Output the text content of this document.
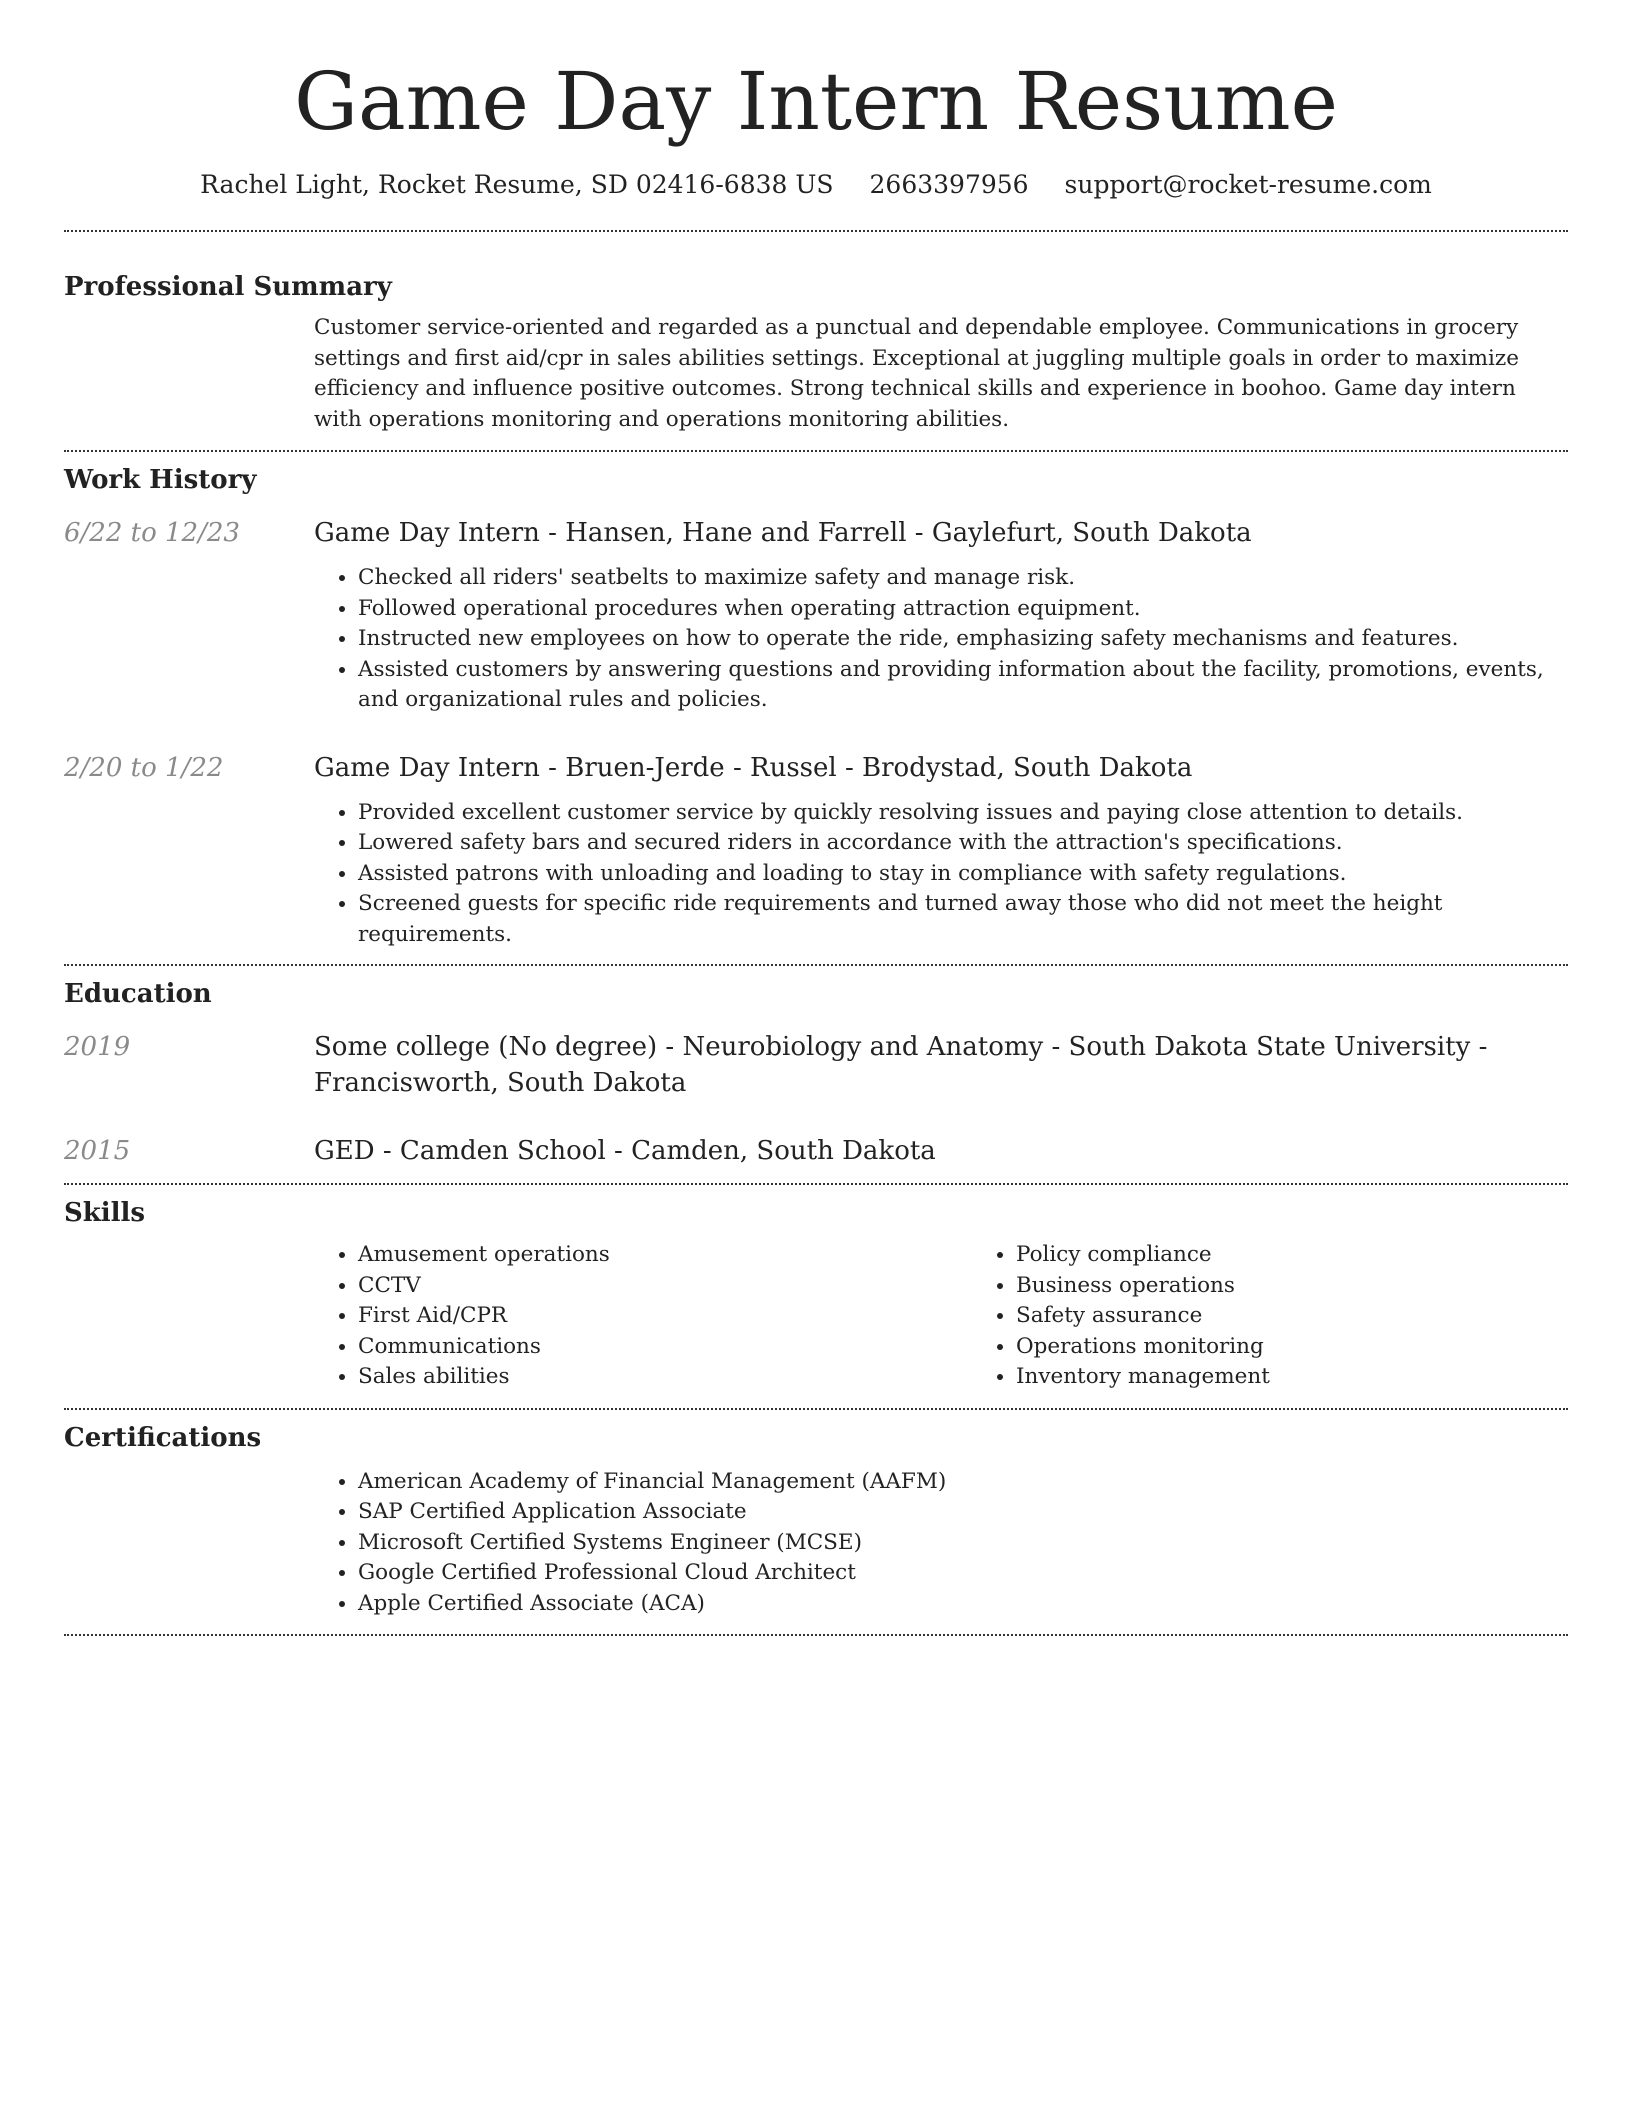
Game Day Intern Resume
Rachel Light, Rocket Resume, SD 02416-6838 US 2663397956 support@rocket-resume.com
Professional Summary
Customer service-oriented and regarded as a punctual and dependable employee. Communications in grocery settings and first aid/cpr in sales abilities settings. Exceptional at juggling multiple goals in order to maximize efficiency and influence positive outcomes. Strong technical skills and experience in boohoo. Game day intern with operations monitoring and operations monitoring abilities.
Work History
6/22 to 12/23	Game Day Intern - Hansen, Hane and Farrell - Gaylefurt, South Dakota
• Checked all riders' seatbelts to maximize safety and manage risk.
• Followed operational procedures when operating attraction equipment.
• Instructed new employees on how to operate the ride, emphasizing safety mechanisms and features.
• Assisted customers by answering questions and providing information about the facility, promotions, events, and organizational rules and policies.
2/20 to 1/22	Game Day Intern - Bruen-Jerde - Russel - Brodystad, South Dakota
• Provided excellent customer service by quickly resolving issues and paying close attention to details.
• Lowered safety bars and secured riders in accordance with the attraction's specifications.
• Assisted patrons with unloading and loading to stay in compliance with safety regulations.
• Screened guests for specific ride requirements and turned away those who did not meet the height requirements.
Education
2019	Some college (No degree) - Neurobiology and Anatomy - South Dakota State University - Francisworth, South Dakota
2015	GED - Camden School - Camden, South Dakota
Skills
• Amusement operations
• CCTV
• First Aid/CPR
• Communications
• Sales abilities
• Policy compliance
• Business operations
• Safety assurance
• Operations monitoring
• Inventory management
Certifications
• American Academy of Financial Management (AAFM)
• SAP Certified Application Associate
• Microsoft Certified Systems Engineer (MCSE)
• Google Certified Professional Cloud Architect
• Apple Certified Associate (ACA)
